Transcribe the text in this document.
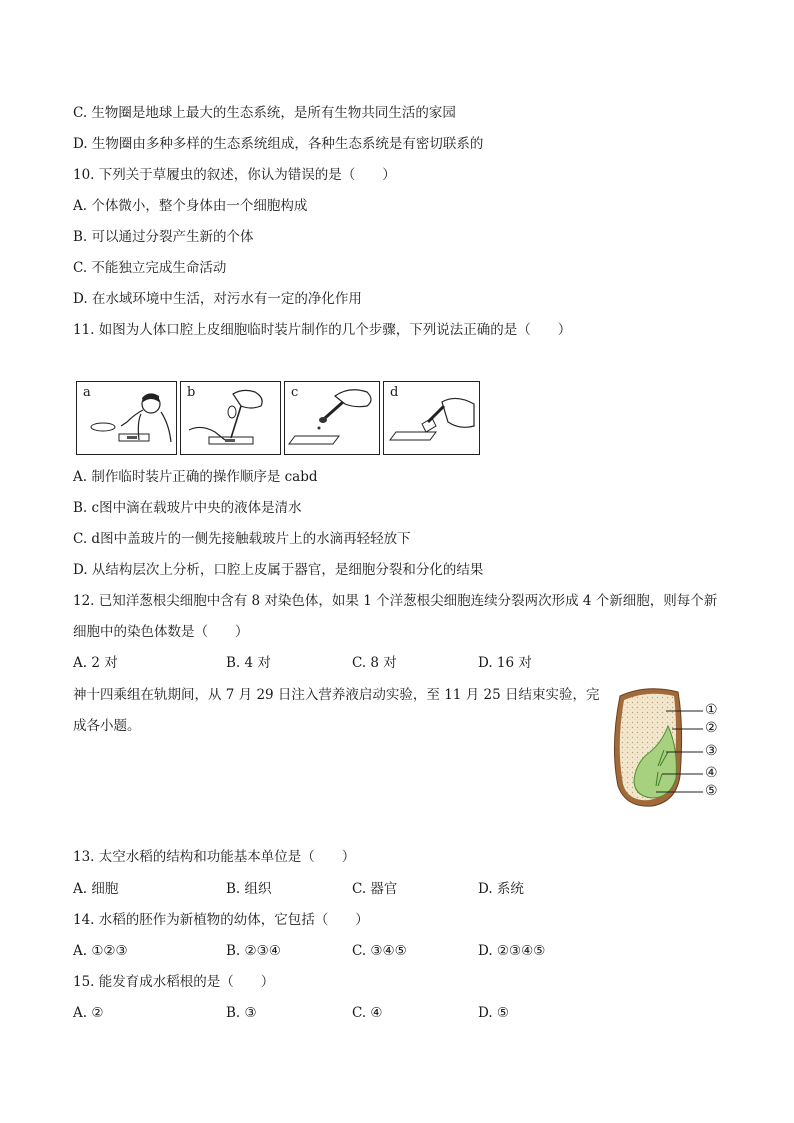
C. 生物圈是地球上最大的生态系统，是所有生物共同生活的家园
D. 生物圈由多种多样的生态系统组成，各种生态系统是有密切联系的
10. 下列关于草履虫的叙述，你认为错误的是（　　）
A. 个体微小，整个身体由一个细胞构成
B. 可以通过分裂产生新的个体
C. 不能独立完成生命活动
D. 在水域环境中生活，对污水有一定的净化作用
11. 如图为人体口腔上皮细胞临时装片制作的几个步骤，下列说法正确的是（　　）
a	b	c	d
A. 制作临时装片正确的操作顺序是 cabd
B. c图中滴在载玻片中央的液体是清水
C. d图中盖玻片的一侧先接触载玻片上的水滴再轻轻放下
D. 从结构层次上分析，口腔上皮属于器官，是细胞分裂和分化的结果
12. 已知洋葱根尖细胞中含有 8 对染色体，如果 1 个洋葱根尖细胞连续分裂两次形成 4 个新细胞，则每个新
细胞中的染色体数是（　　）
A. 2 对	B. 4 对	C. 8 对	D. 16 对
神十四乘组在轨期间，从 7 月 29 日注入营养液启动实验，至 11 月 25 日结束实验，完
成各小题。
①
②
③
④
⑤
13. 太空水稻的结构和功能基本单位是（　　）
A. 细胞	B. 组织	C. 器官	D. 系统
14. 水稻的胚作为新植物的幼体，它包括（　　）
A. ①②③	B. ②③④	C. ③④⑤	D. ②③④⑤
15. 能发育成水稻根的是（　　）
A. ②	B. ③	C. ④	D. ⑤
